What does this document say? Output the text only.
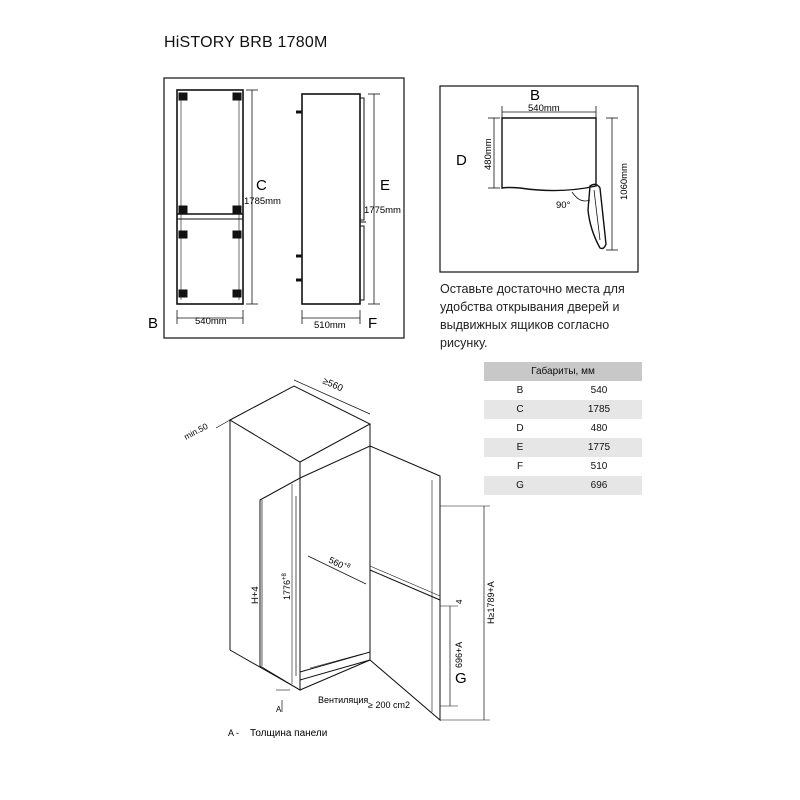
HiSTORY BRB 1780M
C
1785mm
B	540mm
E
1775mm
F
510mm
B
540mm
D 480mm
1060mm
90°
≥560
min.50
$560^{+8}$
$1776^{+8}$
H+4	H≥1789+A
696+A
4
G
Вентиляция ≥ 200 cm2
A
A - Толщина панели
Оставьте достаточно места для удобства открывания дверей и выдвижных ящиков согласно рисунку.
Габариты, мм	
B	540
C	1785
D	480
E	1775
F	510
G	696
